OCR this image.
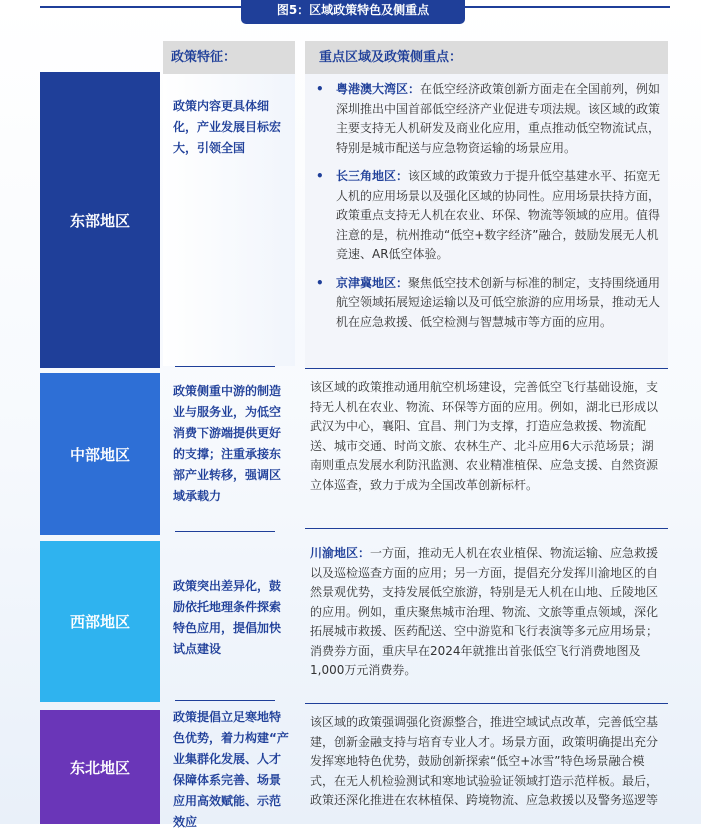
图5：区域政策特色及侧重点
政策特征：	重点区域及政策侧重点：
东部地区
政策内容更具体细化，产业发展目标宏大，引领全国
• 粤港澳大湾区：在低空经济政策创新方面走在全国前列，例如深圳推出中国首部低空经济产业促进专项法规。该区域的政策主要支持无人机研发及商业化应用，重点推动低空物流试点，特别是城市配送与应急物资运输的场景应用。
• 长三角地区：该区域的政策致力于提升低空基建水平、拓宽无人机的应用场景以及强化区域的协同性。应用场景扶持方面，政策重点支持无人机在农业、环保、物流等领域的应用。值得注意的是，杭州推动“低空+数字经济”融合，鼓励发展无人机竞速、AR低空体验。
• 京津冀地区：聚焦低空技术创新与标准的制定，支持围绕通用航空领域拓展短途运输以及可低空旅游的应用场景，推动无人机在应急救援、低空检测与智慧城市等方面的应用。
中部地区
政策侧重中游的制造业与服务业，为低空消费下游端提供更好的支撑；注重承接东部产业转移，强调区域承载力
该区域的政策推动通用航空机场建设，完善低空飞行基础设施，支持无人机在农业、物流、环保等方面的应用。例如，湖北已形成以武汉为中心，襄阳、宜昌、荆门为支撑，打造应急救援、物流配送、城市交通、时尚文旅、农林生产、北斗应用6大示范场景；湖南则重点发展水利防汛监测、农业精准植保、应急支援、自然资源立体巡查，致力于成为全国改革创新标杆。
西部地区
政策突出差异化，鼓励依托地理条件探索特色应用，提倡加快试点建设
川渝地区：一方面，推动无人机在农业植保、物流运输、应急救援以及巡检巡查方面的应用；另一方面，提倡充分发挥川渝地区的自然景观优势，支持发展低空旅游，特别是无人机在山地、丘陵地区的应用。例如，重庆聚焦城市治理、物流、文旅等重点领域，深化拓展城市救援、医药配送、空中游览和飞行表演等多元应用场景；消费券方面，重庆早在2024年就推出首张低空飞行消费地图及1,000万元消费券。
东北地区
政策提倡立足寒地特色优势，着力构建“产业集群化发展、人才保障体系完善、场景应用高效赋能、示范效应
该区域的政策强调强化资源整合，推进空域试点改革，完善低空基建，创新金融支持与培育专业人才。场景方面，政策明确提出充分发挥寒地特色优势，鼓励创新探索“低空+冰雪”特色场景融合模式，在无人机检验测试和寒地试验验证领域打造示范样板。最后，政策还深化推进在农林植保、跨境物流、应急救援以及警务巡逻等
